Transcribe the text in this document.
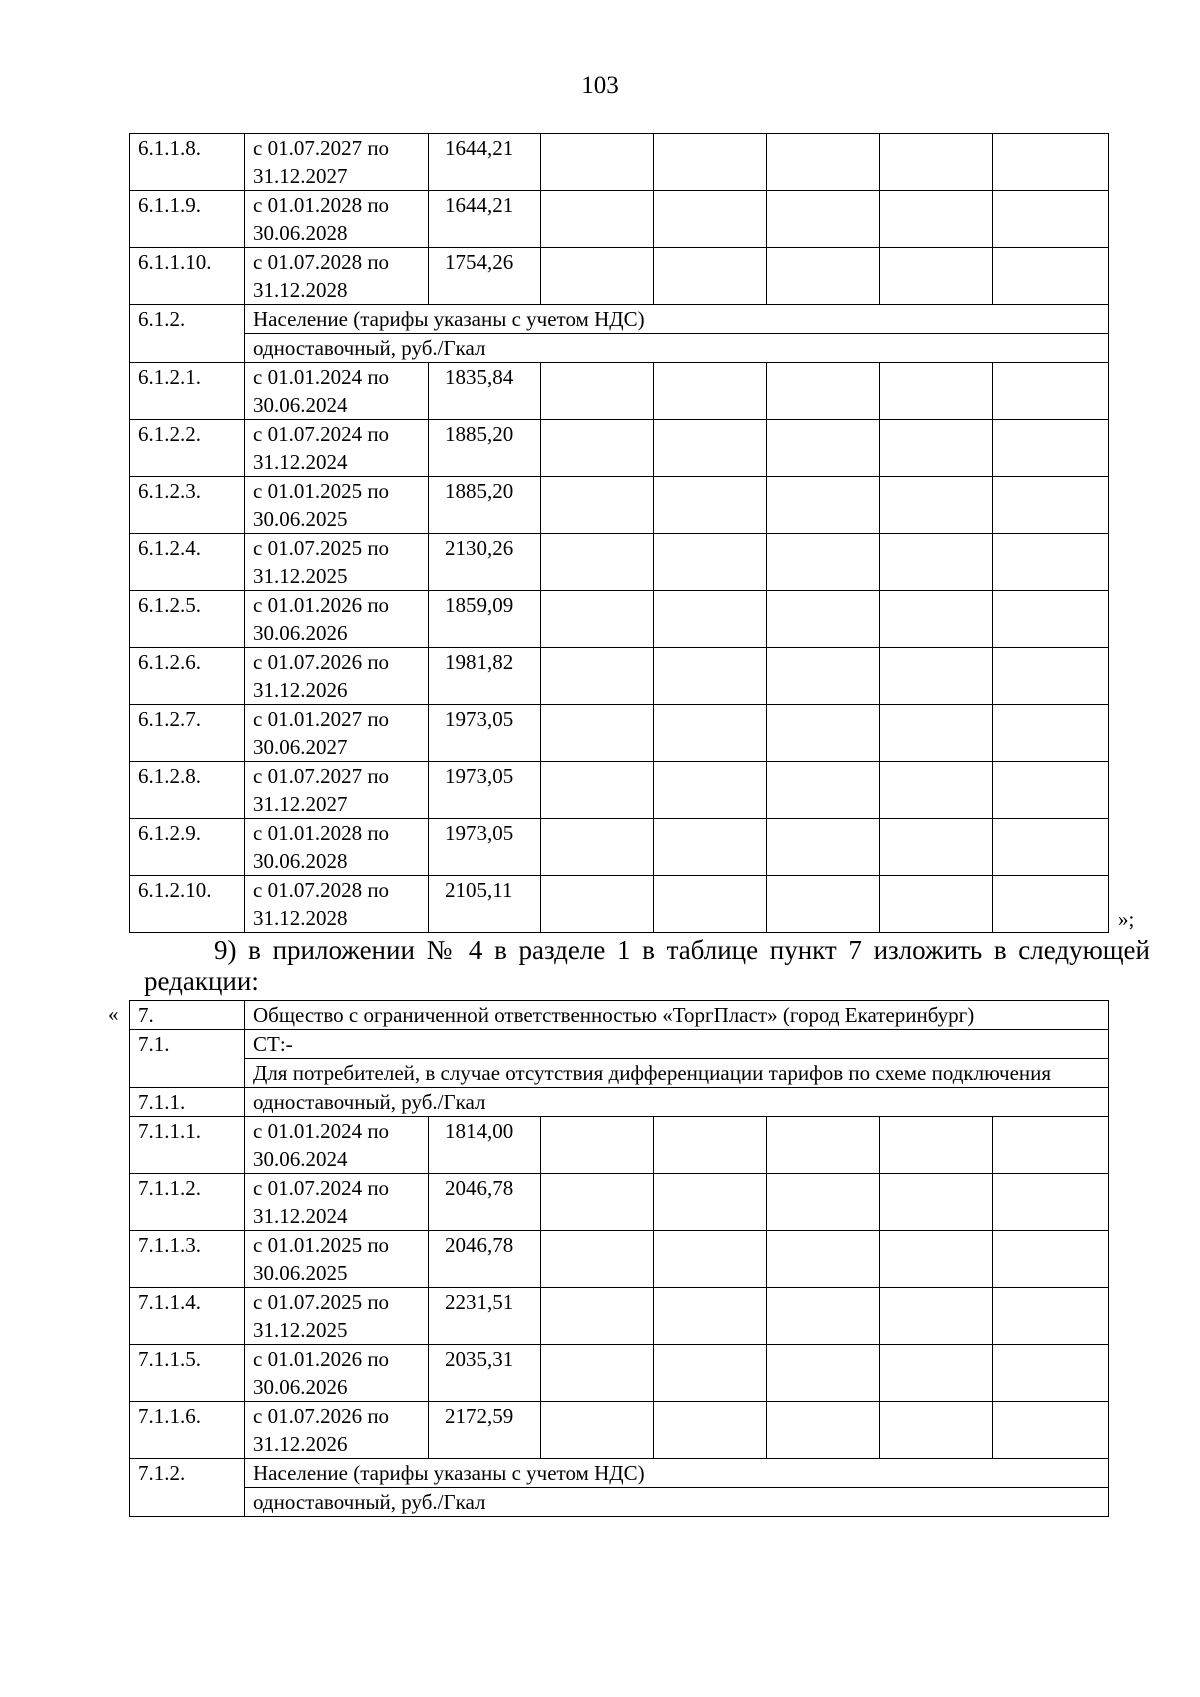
103
6.1.1.8.	с 01.07.2027 по 31.12.2027	1644,21					
6.1.1.9.	с 01.01.2028 по 30.06.2028	1644,21					
6.1.1.10.	с 01.07.2028 по 31.12.2028	1754,26					
6.1.2.	Население (тарифы указаны с учетом НДС)						
	одноставочный, руб./Гкал						
6.1.2.1.	с 01.01.2024 по 30.06.2024	1835,84					
6.1.2.2.	с 01.07.2024 по 31.12.2024	1885,20					
6.1.2.3.	с 01.01.2025 по 30.06.2025	1885,20					
6.1.2.4.	с 01.07.2025 по 31.12.2025	2130,26					
6.1.2.5.	с 01.01.2026 по 30.06.2026	1859,09					
6.1.2.6.	с 01.07.2026 по 31.12.2026	1981,82					
6.1.2.7.	с 01.01.2027 по 30.06.2027	1973,05					
6.1.2.8.	с 01.07.2027 по 31.12.2027	1973,05					
6.1.2.9.	с 01.01.2028 по 30.06.2028	1973,05					
6.1.2.10.	с 01.07.2028 по 31.12.2028	2105,11					
»;
9) в приложении № 4 в разделе 1 в таблице пункт 7 изложить в следующей редакции:
« 7.	Общество с ограниченной ответственностью «ТоргПласт» (город Екатеринбург)						
7.1.	СТ:-						
	Для потребителей, в случае отсутствия дифференциации тарифов по схеме подключения						
7.1.1.	одноставочный, руб./Гкал						
7.1.1.1.	с 01.01.2024 по 30.06.2024	1814,00					
7.1.1.2.	с 01.07.2024 по 31.12.2024	2046,78					
7.1.1.3.	с 01.01.2025 по 30.06.2025	2046,78					
7.1.1.4.	с 01.07.2025 по 31.12.2025	2231,51					
7.1.1.5.	с 01.01.2026 по 30.06.2026	2035,31					
7.1.1.6.	с 01.07.2026 по 31.12.2026	2172,59					
7.1.2.	Население (тарифы указаны с учетом НДС)						
	одноставочный, руб./Гкал						
